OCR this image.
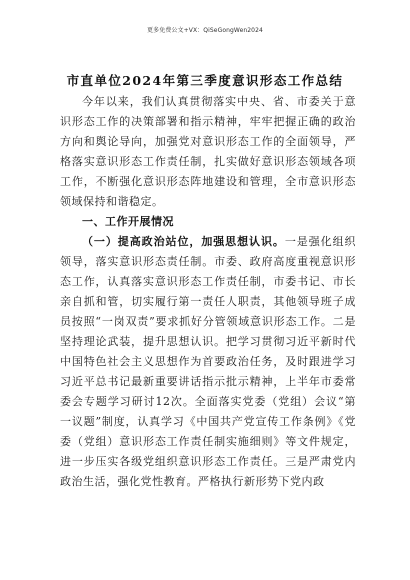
更多免费公文+VX：QiSeGongWen2024
市直单位2024年第三季度意识形态工作总结

今年以来，我们认真贯彻落实中央、省、市委关于意识形态工作的决策部署和指示精神，牢牢把握正确的政治方向和舆论导向，加强党对意识形态工作的全面领导，严格落实意识形态工作责任制，扎实做好意识形态领域各项工作，不断强化意识形态阵地建设和管理，全市意识形态领域保持和谐稳定。

一、工作开展情况

（一）提高政治站位，加强思想认识。一是强化组织领导，落实意识形态责任制。市委、政府高度重视意识形态工作，认真落实意识形态工作责任制，市委书记、市长亲自抓和管，切实履行第一责任人职责，其他领导班子成员按照“一岗双责”要求抓好分管领域意识形态工作。二是坚持理论武装，提升思想认识。把学习贯彻习近平新时代中国特色社会主义思想作为首要政治任务，及时跟进学习习近平总书记最新重要讲话指示批示精神，上半年市委常委会专题学习研讨12次。全面落实党委（党组）会议“第一议题”制度，认真学习《中国共产党宣传工作条例》《党委（党组）意识形态工作责任制实施细则》等文件规定，进一步压实各级党组织意识形态工作责任。三是严肃党内政治生活，强化党性教育。严格执行新形势下党内政
